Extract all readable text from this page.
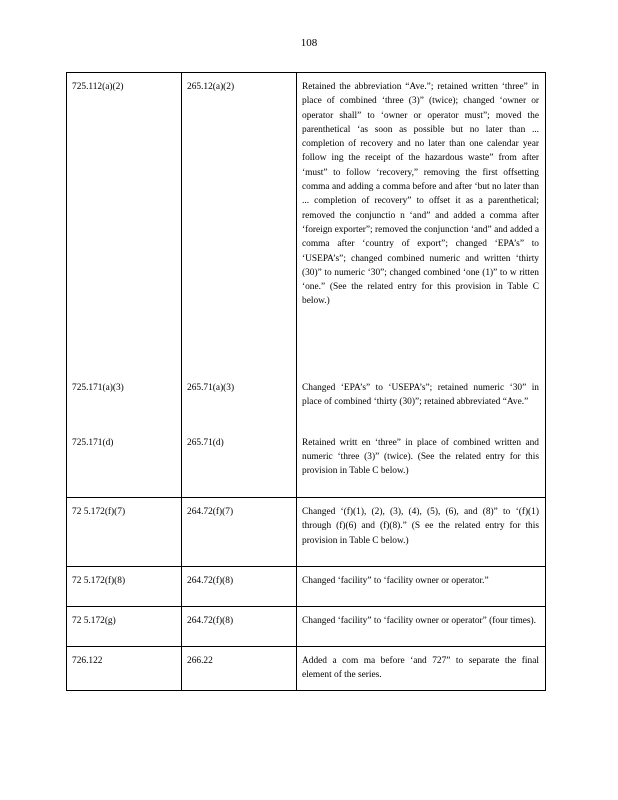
108
725.112(a)(2)	265.12(a)(2)	Retained the abbreviation “Ave.”; retained written ‘three” in place of combined ‘three (3)” (twice); changed ‘owner or operator shall” to ‘owner or operator must”; moved the parenthetical ‘as soon as possible but no later than ... completion of recovery and no later than one calendar year follow ing the receipt of the hazardous waste” from after ‘must” to follow ‘recovery,” removing the first offsetting comma and adding a comma before and after ‘but no later than ... completion of recovery” to offset it as a parenthetical; removed the conjunctio n ‘and” and added a comma after ‘foreign exporter”; removed the conjunction ‘and” and added a comma after ‘country of export”; changed ‘EPA’s” to ‘USEPA’s”; changed combined numeric and written ‘thirty (30)” to numeric ‘30”; changed combined ‘one (1)” to w ritten ‘one.” (See the related entry for this provision in Table C below.)
725.171(a)(3)	265.71(a)(3)	Changed ‘EPA’s” to ‘USEPA’s”; retained numeric ‘30” in place of combined ‘thirty (30)”; retained abbreviated “Ave.”
725.171(d)	265.71(d)	Retained writt en ‘three” in place of combined written and numeric ‘three (3)” (twice). (See the related entry for this provision in Table C below.)
72 5.172(f)(7)	264.72(f)(7)	Changed ‘(f)(1), (2), (3), (4), (5), (6), and (8)” to ‘(f)(1) through (f)(6) and (f)(8).” (S ee the related entry for this provision in Table C below.)
72 5.172(f)(8)	264.72(f)(8)	Changed ‘facility” to ‘facility owner or operator.”
72 5.172(g)	264.72(f)(8)	Changed ‘facility” to ‘facility owner or operator” (four times).
726.122	266.22	Added a com ma before ‘and 727” to separate the final element of the series.
